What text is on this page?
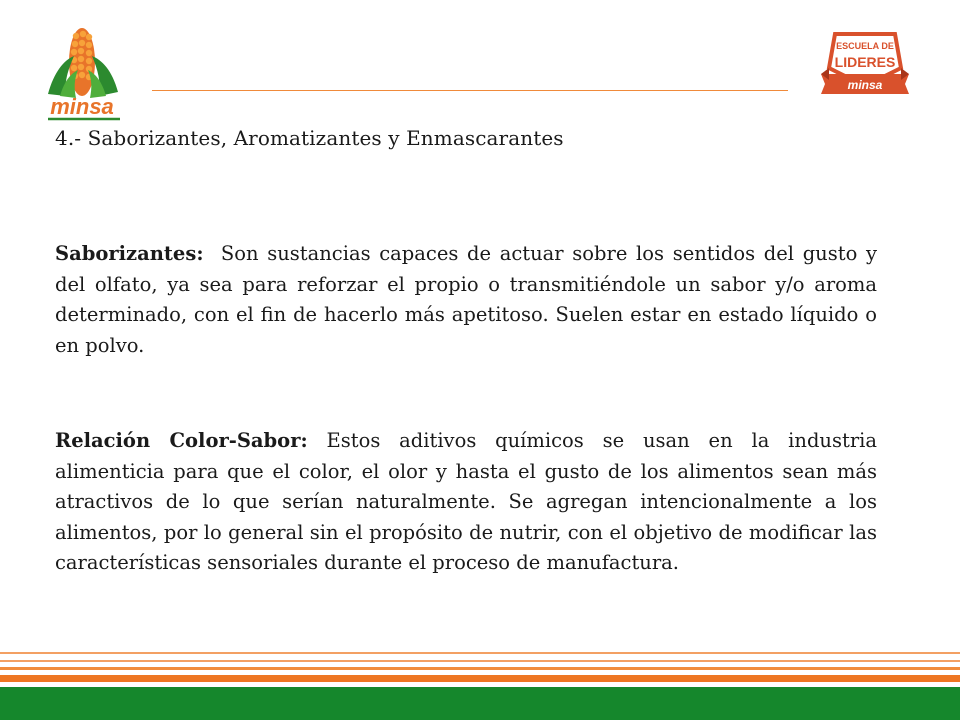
minsa
ESCUELA DE
LIDERES
minsa
4.- Saborizantes, Aromatizantes y Enmascarantes

Saborizantes: Son sustancias capaces de actuar sobre los sentidos del gusto y del olfato, ya sea para reforzar el propio o transmitiéndole un sabor y/o aroma determinado, con el fin de hacerlo más apetitoso. Suelen estar en estado líquido o en polvo.

Relación Color-Sabor: Estos aditivos químicos se usan en la industria alimenticia para que el color, el olor y hasta el gusto de los alimentos sean más atractivos de lo que serían naturalmente. Se agregan intencionalmente a los alimentos, por lo general sin el propósito de nutrir, con el objetivo de modificar las características sensoriales durante el proceso de manufactura.
